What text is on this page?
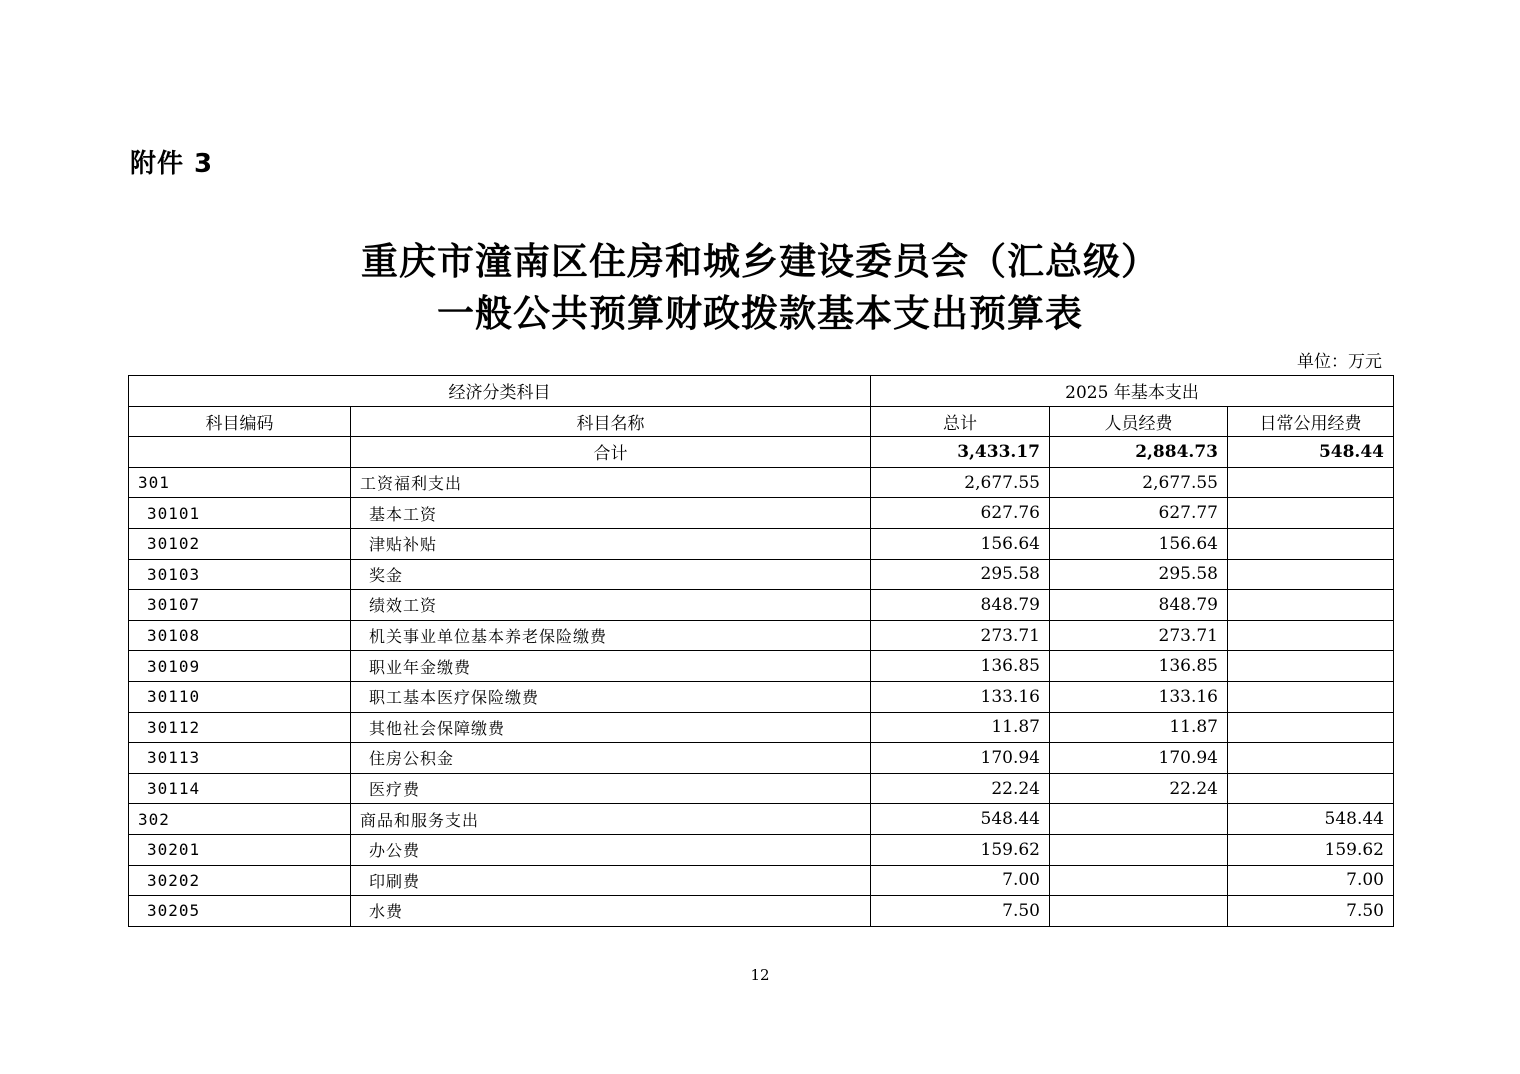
附件 3
重庆市潼南区住房和城乡建设委员会（汇总级）
一般公共预算财政拨款基本支出预算表
单位：万元
经济分类科目		2025 年基本支出		
科目编码	科目名称	总计	人员经费	日常公用经费
	合计	3,433.17	2,884.73	548.44
301	工资福利支出	2,677.55	2,677.55	
30101	基本工资	627.76	627.77	
30102	津贴补贴	156.64	156.64	
30103	奖金	295.58	295.58	
30107	绩效工资	848.79	848.79	
30108	机关事业单位基本养老保险缴费	273.71	273.71	
30109	职业年金缴费	136.85	136.85	
30110	职工基本医疗保险缴费	133.16	133.16	
30112	其他社会保障缴费	11.87	11.87	
30113	住房公积金	170.94	170.94	
30114	医疗费	22.24	22.24	
302	商品和服务支出	548.44		548.44
30201	办公费	159.62		159.62
30202	印刷费	7.00		7.00
30205	水费	7.50		7.50
12
